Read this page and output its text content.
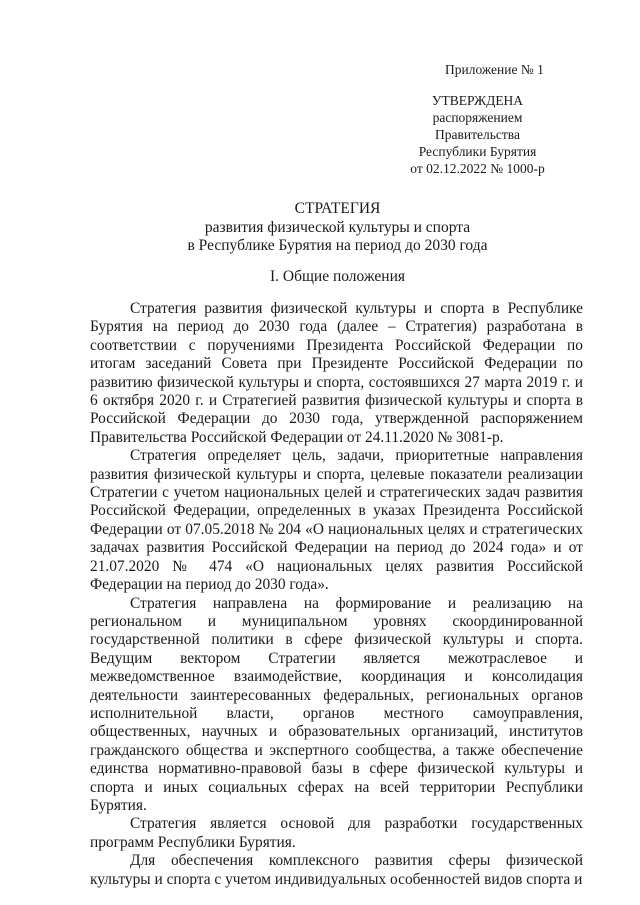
Приложение № 1
УТВЕРЖДЕНА
распоряжением Правительства
Республики Бурятия
от 02.12.2022 № 1000-р
СТРАТЕГИЯ
развития физической культуры и спорта
в Республике Бурятия на период до 2030 года
I. Общие положения

Стратегия развития физической культуры и спорта в Республике Бурятия на период до 2030 года (далее – Стратегия) разработана в соответствии с поручениями Президента Российской Федерации по итогам заседаний Совета при Президенте Российской Федерации по развитию физической культуры и спорта, состоявшихся 27 марта 2019 г. и 6 октября 2020 г. и Стратегией развития физической культуры и спорта в Российской Федерации до 2030 года, утвержденной распоряжением Правительства Российской Федерации от 24.11.2020 № 3081-р.

Стратегия определяет цель, задачи, приоритетные направления развития физической культуры и спорта, целевые показатели реализации Стратегии с учетом национальных целей и стратегических задач развития Российской Федерации, определенных в указах Президента Российской Федерации от 07.05.2018 № 204 «О национальных целях и стратегических задачах развития Российской Федерации на период до 2024 года» и от 21.07.2020 № 474 «О национальных целях развития Российской Федерации на период до 2030 года».

Стратегия направлена на формирование и реализацию на региональном и муниципальном уровнях скоординированной государственной политики в сфере физической культуры и спорта. Ведущим вектором Стратегии является межотраслевое и межведомственное взаимодействие, координация и консолидация деятельности заинтересованных федеральных, региональных органов исполнительной власти, органов местного самоуправления, общественных, научных и образовательных организаций, институтов гражданского общества и экспертного сообщества, а также обеспечение единства нормативно-правовой базы в сфере физической культуры и спорта и иных социальных сферах на всей территории Республики Бурятия.

Стратегия является основой для разработки государственных программ Республики Бурятия.

Для обеспечения комплексного развития сферы физической культуры и спорта с учетом индивидуальных особенностей видов спорта и
